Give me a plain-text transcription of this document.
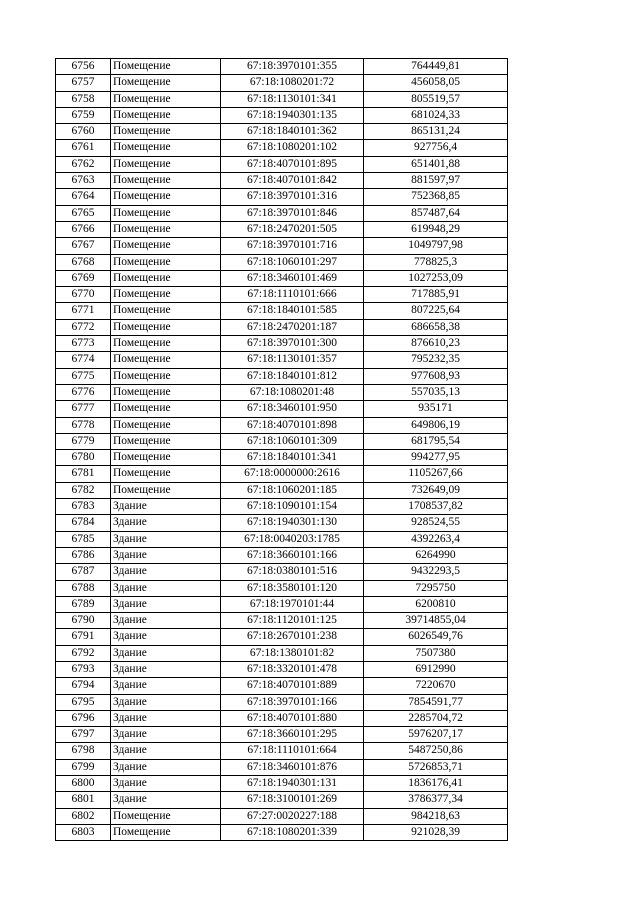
6756	Помещение	67:18:3970101:355	764449,81
6757	Помещение	67:18:1080201:72	456058,05
6758	Помещение	67:18:1130101:341	805519,57
6759	Помещение	67:18:1940301:135	681024,33
6760	Помещение	67:18:1840101:362	865131,24
6761	Помещение	67:18:1080201:102	927756,4
6762	Помещение	67:18:4070101:895	651401,88
6763	Помещение	67:18:4070101:842	881597,97
6764	Помещение	67:18:3970101:316	752368,85
6765	Помещение	67:18:3970101:846	857487,64
6766	Помещение	67:18:2470201:505	619948,29
6767	Помещение	67:18:3970101:716	1049797,98
6768	Помещение	67:18:1060101:297	778825,3
6769	Помещение	67:18:3460101:469	1027253,09
6770	Помещение	67:18:1110101:666	717885,91
6771	Помещение	67:18:1840101:585	807225,64
6772	Помещение	67:18:2470201:187	686658,38
6773	Помещение	67:18:3970101:300	876610,23
6774	Помещение	67:18:1130101:357	795232,35
6775	Помещение	67:18:1840101:812	977608,93
6776	Помещение	67:18:1080201:48	557035,13
6777	Помещение	67:18:3460101:950	935171
6778	Помещение	67:18:4070101:898	649806,19
6779	Помещение	67:18:1060101:309	681795,54
6780	Помещение	67:18:1840101:341	994277,95
6781	Помещение	67:18:0000000:2616	1105267,66
6782	Помещение	67:18:1060201:185	732649,09
6783	Здание	67:18:1090101:154	1708537,82
6784	Здание	67:18:1940301:130	928524,55
6785	Здание	67:18:0040203:1785	4392263,4
6786	Здание	67:18:3660101:166	6264990
6787	Здание	67:18:0380101:516	9432293,5
6788	Здание	67:18:3580101:120	7295750
6789	Здание	67:18:1970101:44	6200810
6790	Здание	67:18:1120101:125	39714855,04
6791	Здание	67:18:2670101:238	6026549,76
6792	Здание	67:18:1380101:82	7507380
6793	Здание	67:18:3320101:478	6912990
6794	Здание	67:18:4070101:889	7220670
6795	Здание	67:18:3970101:166	7854591,77
6796	Здание	67:18:4070101:880	2285704,72
6797	Здание	67:18:3660101:295	5976207,17
6798	Здание	67:18:1110101:664	5487250,86
6799	Здание	67:18:3460101:876	5726853,71
6800	Здание	67:18:1940301:131	1836176,41
6801	Здание	67:18:3100101:269	3786377,34
6802	Помещение	67:27:0020227:188	984218,63
6803	Помещение	67:18:1080201:339	921028,39
